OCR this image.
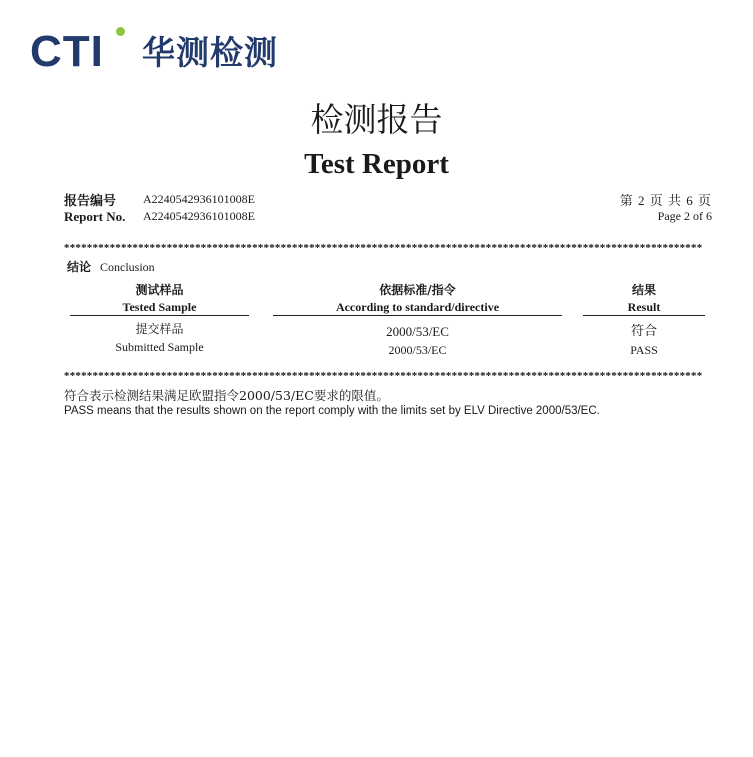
CTI 华测检测
检测报告
Test Report
报告编号 A2240542936101008E
Report No. A2240542936101008E
第 2 页 共 6 页
Page 2 of 6
****************************************************************************************************************
结论 Conclusion
测试样品
Tested Sample
依据标准/指令
According to standard/directive
结果
Result
提交样品
Submitted Sample
2000/53/EC
2000/53/EC
符合
PASS
****************************************************************************************************************
符合表示检测结果满足欧盟指令2000/53/EC要求的限值。
PASS means that the results shown on the report comply with the limits set by ELV Directive 2000/53/EC.
